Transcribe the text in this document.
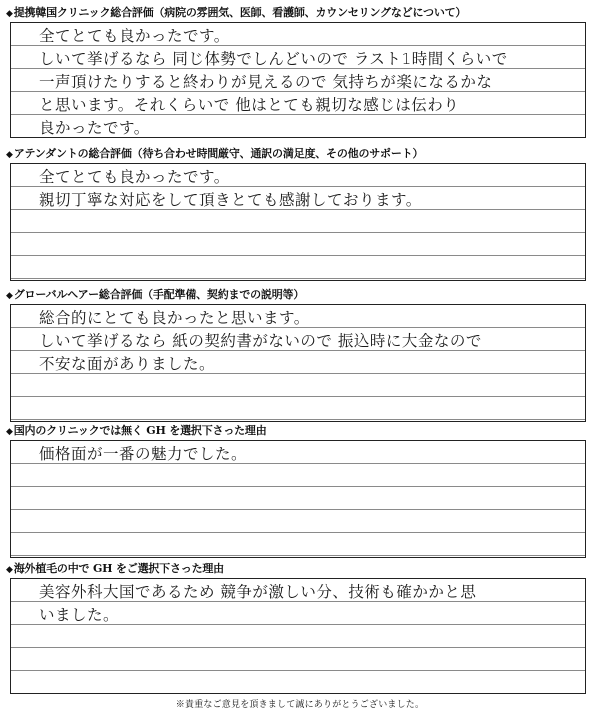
◆提携韓国クリニック総合評価（病院の雰囲気、医師、看護師、カウンセリングなどについて）
全てとても良かったです。
しいて挙げるなら 同じ体勢でしんどいので ラスト1時間くらいで
一声頂けたりすると終わりが見えるので 気持ちが楽になるかな
と思います。それくらいで 他はとても親切な感じは伝わり
良かったです。
◆アテンダントの総合評価（待ち合わせ時間厳守、通訳の満足度、その他のサポート）
全てとても良かったです。
親切丁寧な対応をして頂きとても感謝しております。
◆グローバルヘアー総合評価（手配準備、契約までの説明等）
総合的にとても良かったと思います。
しいて挙げるなら 紙の契約書がないので 振込時に大金なので
不安な面がありました。
◆国内のクリニックでは無く GH を選択下さった理由
価格面が一番の魅力でした。
◆海外植毛の中で GH をご選択下さった理由
美容外科大国であるため 競争が激しい分、技術も確かかと思
いました。
※貴重なご意見を頂きまして誠にありがとうございました。
